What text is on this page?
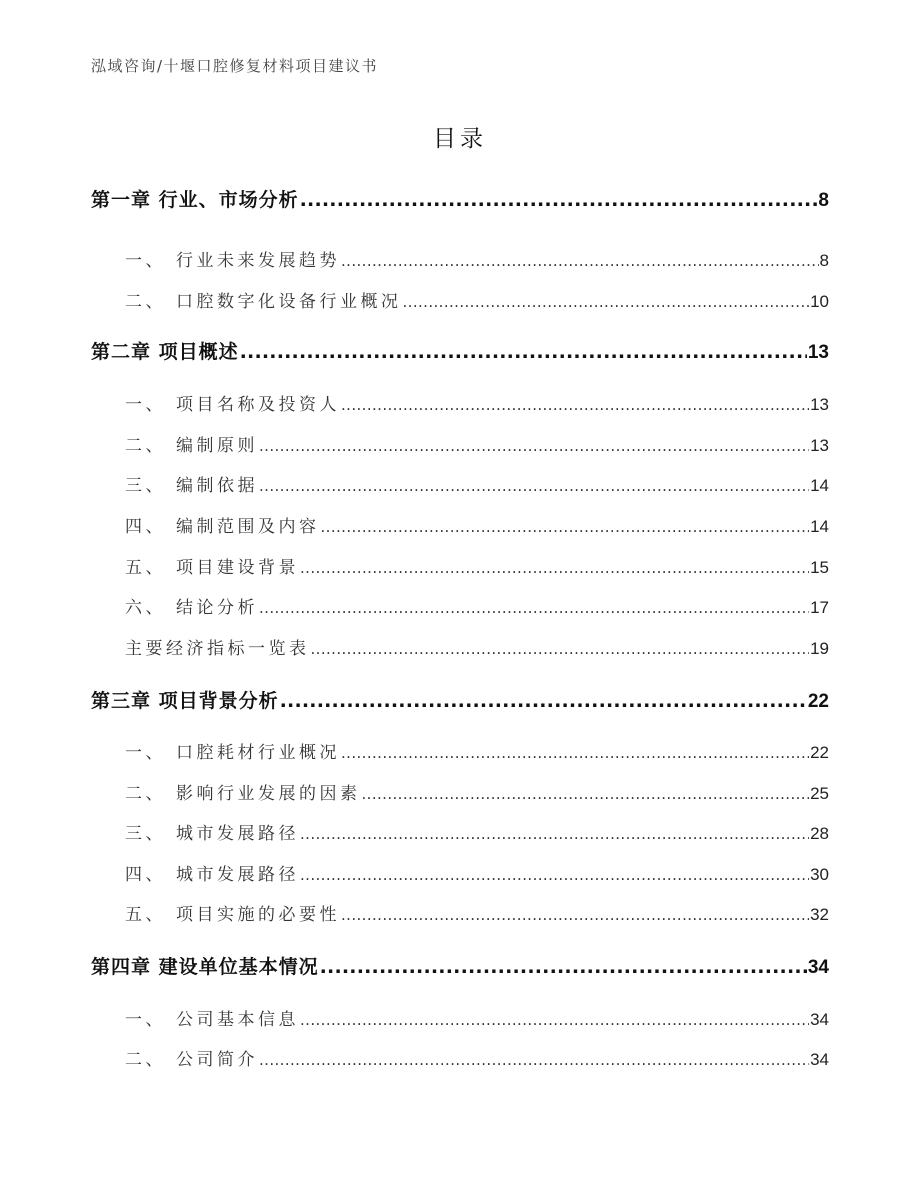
泓域咨询/十堰口腔修复材料项目建议书
目录
第一章 行业、市场分析 .....	8
一、 行业未来发展趋势 .....	8
二、 口腔数字化设备行业概况 .....	10
第二章 项目概述 .....	13
一、 项目名称及投资人 .....	13
二、 编制原则 .....	13
三、 编制依据 .....	14
四、 编制范围及内容 .....	14
五、 项目建设背景 .....	15
六、 结论分析 .....	17
主要经济指标一览表 .....	19
第三章 项目背景分析 .....	22
一、 口腔耗材行业概况 .....	22
二、 影响行业发展的因素 .....	25
三、 城市发展路径 .....	28
四、 城市发展路径 .....	30
五、 项目实施的必要性 .....	32
第四章 建设单位基本情况 .....	34
一、 公司基本信息 .....	34
二、 公司简介 .....	34
